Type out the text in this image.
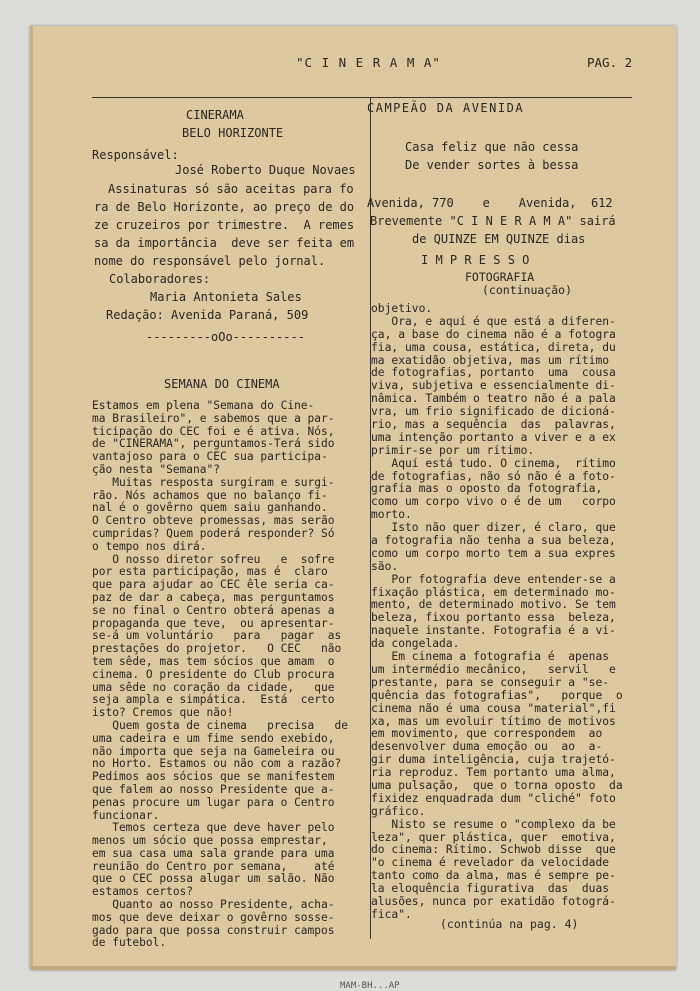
"C I N E R A M A"	PAG. 2
CINERAMA
BELO HORIZONTE
Responsável:
José Roberto Duque Novaes
Assinaturas só são aceitas para fo
ra de Belo Horizonte, ao preço de do
ze cruzeiros por trimestre.  A remes
sa da importância  deve ser feita em
nome do responsável pelo jornal.
Colaboradores:
Maria Antonieta Sales
Redação: Avenida Paraná, 509
---------oOo----------
SEMANA DO CINEMA
Estamos em plena "Semana do Cine-
ma Brasileiro", e sabemos que a par-
ticipação do CEC foi e é ativa. Nós,
de "CINERAMA", perguntamos-Terá sido
vantajoso para o CEC sua participa-
ção nesta "Semana"?
Muitas resposta surgiram e surgi-
rão. Nós achamos que no balanço fi-
nal é o govêrno quem saiu ganhando.
O Centro obteve promessas, mas serão
cumpridas? Quem poderá responder? Só
o tempo nos dirá.
O nosso diretor sofreu   e  sofre
por esta participação, mas é  claro
que para ajudar ao CEC êle seria ca-
paz de dar a cabeça, mas perguntamos
se no final o Centro obterá apenas a
propaganda que teve,  ou apresentar-
se-á um voluntário   para   pagar  as
prestações do projetor.   O CEC   não
tem sêde, mas tem sócios que amam  o
cinema. O presidente do Club procura
uma sêde no coração da cidade,   que
seja ampla e simpática.  Está  certo
isto? Cremos que não!
Quem gosta de cinema   precisa   de
uma cadeira e um fime sendo exebido,
não importa que seja na Gameleira ou
no Horto. Estamos ou não com a razão?
Pedimos aos sócios que se manifestem
que falem ao nosso Presidente que a-
penas procure um lugar para o Centro
funcionar.
Temos certeza que deve haver pelo
menos um sócio que possa emprestar,
em sua casa uma sala grande para uma
reunião do Centro por semana,    até
que o CEC possa alugar um salão. Não
estamos certos?
Quanto ao nosso Presidente, acha-
mos que deve deixar o govêrno sosse-
gado para que possa construir campos
de futebol.
CAMPEÃO DA AVENIDA
Casa feliz que não cessa
De vender sortes à bessa
Avenida, 770    e    Avenida,  612
Brevemente "C I N E R A M A" sairá
de QUINZE EM QUINZE dias
I M P R E S S O
FOTOGRAFIA
(continuação)
objetivo.
Ora, e aquí é que está a diferen-
ça, a base do cinema não é a fotogra
fia, uma cousa, estática, direta, du
ma exatidão objetiva, mas um rítimo
de fotografias, portanto  uma  cousa
viva, subjetiva e essencialmente di-
nâmica. Também o teatro não é a pala
vra, um frio significado de dicioná-
rio, mas a sequência  das  palavras,
uma intenção portanto a viver e a ex
primir-se por um rítimo.
Aquí está tudo. O cinema,  rítimo
de fotografias, não só não é a foto-
grafia mas o oposto da fotografia,
como um corpo vivo o é de um   corpo
morto.
Isto não quer dizer, é claro, que
a fotografia não tenha a sua beleza,
como um corpo morto tem a sua expres
são.
Por fotografia deve entender-se a
fixação plástica, em determinado mo-
mento, de determinado motivo. Se tem
beleza, fixou portanto essa  beleza,
naquele instante. Fotografia é a vi-
da congelada.
Em cinema a fotografia é  apenas
um intermédio mecânico,   servil   e
prestante, para se conseguir a "se-
quência das fotografias",   porque  o
cinema não é uma cousa "material",fi
xa, mas um evoluir títimo de motivos
em movimento, que correspondem  ao
desenvolver duma emoção ou  ao  a-
gir duma inteligência, cuja trajetó-
ria reproduz. Tem portanto uma alma,
uma pulsação,  que o torna oposto  da
fixidez enquadrada dum "cliché" foto
gráfico.
Nisto se resume o "complexo da be
leza", quer plástica, quer  emotiva,
do cinema: Rítimo. Schwob disse  que
"o cinema é revelador da velocidade
tanto como da alma, mas é sempre pe-
la eloquência figurativa  das  duas
alusões, nunca por exatidão fotográ-
fica".
(continúa na pag. 4)
MAM-BH...AP
